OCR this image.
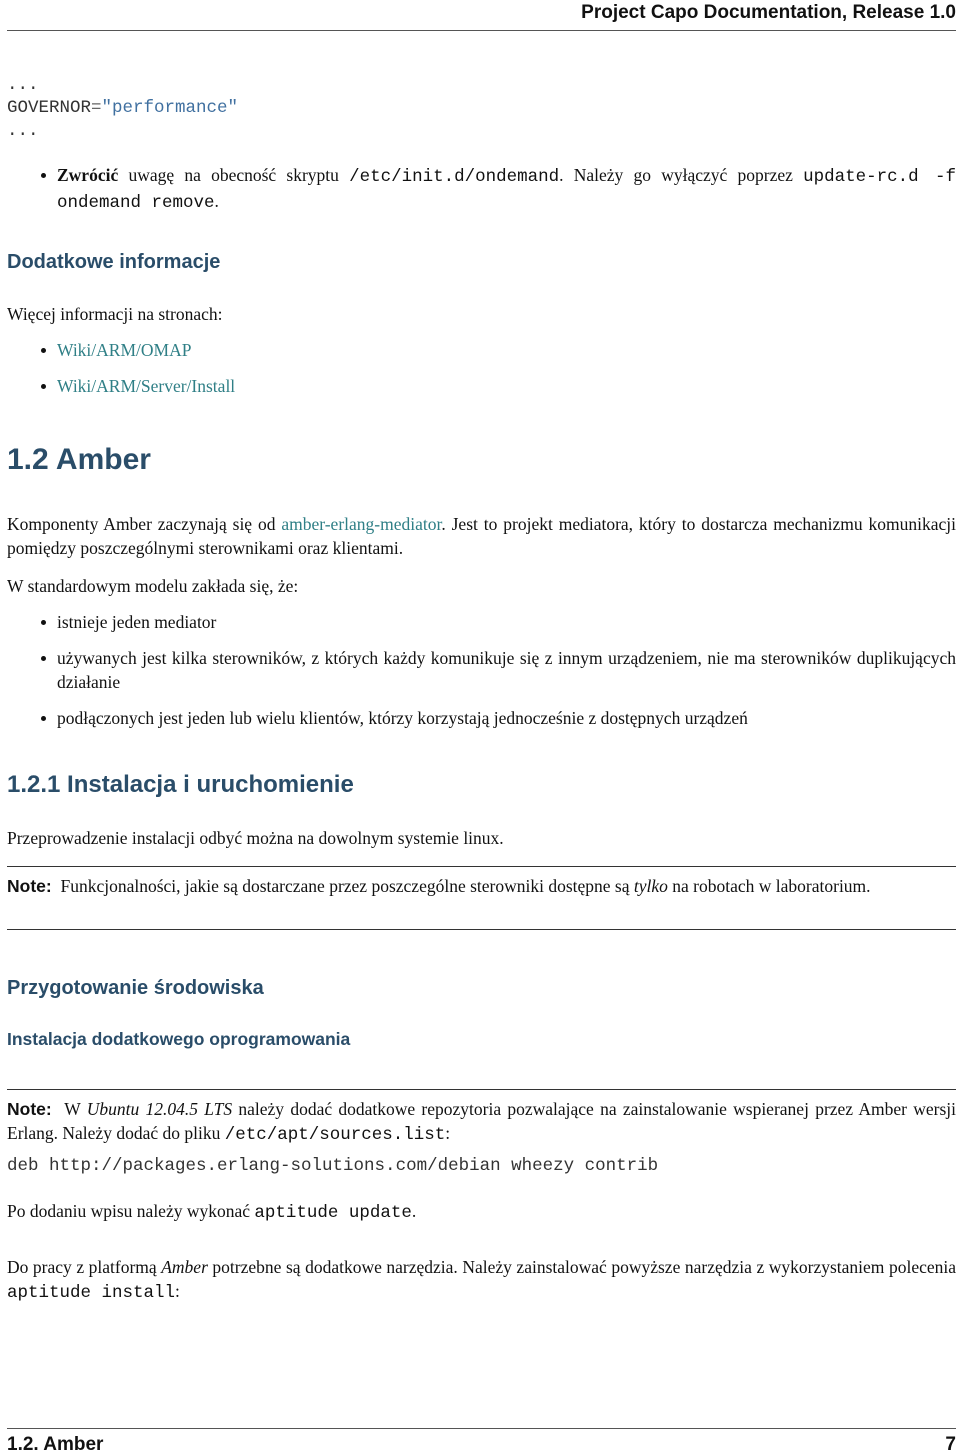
Project Capo Documentation, Release 1.0
...
GOVERNOR="performance"
...
Zwrócić uwagę na obecność skryptu /etc/init.d/ondemand. Należy go wyłączyć poprzez update-rc.d -f ondemand remove.
Dodatkowe informacje
Więcej informacji na stronach:
Wiki/ARM/OMAP
Wiki/ARM/Server/Install
1.2 Amber
Komponenty Amber zaczynają się od amber-erlang-mediator. Jest to projekt mediatora, który to dostarcza mechanizmu komunikacji pomiędzy poszczególnymi sterownikami oraz klientami.
W standardowym modelu zakłada się, że:
istnieje jeden mediator
używanych jest kilka sterowników, z których każdy komunikuje się z innym urządzeniem, nie ma sterowników duplikujących działanie
podłączonych jest jeden lub wielu klientów, którzy korzystają jednocześnie z dostępnych urządzeń
1.2.1 Instalacja i uruchomienie
Przeprowadzenie instalacji odbyć można na dowolnym systemie linux.
Note: Funkcjonalności, jakie są dostarczane przez poszczególne sterowniki dostępne są tylko na robotach w laboratorium.
Przygotowanie środowiska
Instalacja dodatkowego oprogramowania
Note: W Ubuntu 12.04.5 LTS należy dodać dodatkowe repozytoria pozwalające na zainstalowanie wspieranej przez Amber wersji Erlang. Należy dodać do pliku /etc/apt/sources.list:
deb http://packages.erlang-solutions.com/debian wheezy contrib
Po dodaniu wpisu należy wykonać aptitude update.
Do pracy z platformą Amber potrzebne są dodatkowe narzędzia. Należy zainstalować powyższe narzędzia z wykorzystaniem polecenia aptitude install:
1.2. Amber	7
